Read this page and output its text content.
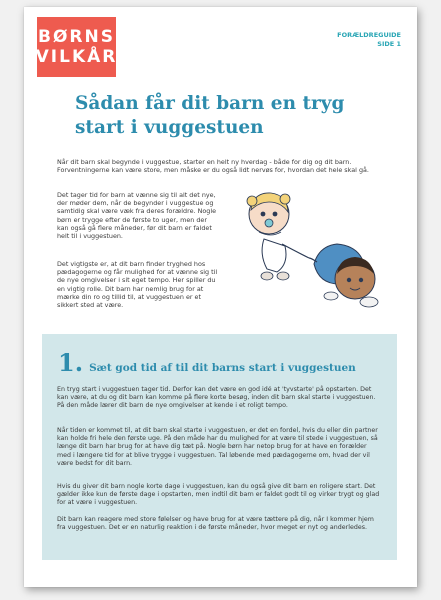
BØRNS
VILKÅR
FORÆLDREGUIDE
SIDE 1
Sådan får dit barn en tryg start i vuggestuen

Når dit barn skal begynde i vuggestue, starter en helt ny hverdag - både for dig og dit barn. Forventningerne kan være store, men måske er du også lidt nervøs for, hvordan det hele skal gå.

Det tager tid for barn at vænne sig til alt det nye, der møder dem, når de begynder i vuggestue og samtidig skal være væk fra deres forældre. Nogle børn er trygge efter de første to uger, men der kan også gå flere måneder, før dit barn er faldet helt til i vuggestuen.

Det vigtigste er, at dit barn finder tryghed hos pædagogerne og får mulighed for at vænne sig til de nye omgivelser i sit eget tempo. Her spiller du en vigtig rolle. Dit barn har nemlig brug for at mærke din ro og tillid til, at vuggestuen er et sikkert sted at være.

1. Sæt god tid af til dit barns start i vuggestuen

En tryg start i vuggestuen tager tid. Derfor kan det være en god idé at 'tyvstarte' på opstarten. Det kan være, at du og dit barn kan komme på flere korte besøg, inden dit barn skal starte i vuggestuen. På den måde lærer dit barn de nye omgivelser at kende i et roligt tempo.

Når tiden er kommet til, at dit barn skal starte i vuggestuen, er det en fordel, hvis du eller din partner kan holde fri hele den første uge. På den måde har du mulighed for at være til stede i vuggestuen, så længe dit barn har brug for at have dig tæt på. Nogle børn har netop brug for at have en forælder med i længere tid for at blive trygge i vuggestuen. Tal løbende med pædagogerne om, hvad der vil være bedst for dit barn.

Hvis du giver dit barn nogle korte dage i vuggestuen, kan du også give dit barn en roligere start. Det gælder ikke kun de første dage i opstarten, men indtil dit barn er faldet godt til og virker trygt og glad for at være i vuggestuen.

Dit barn kan reagere med store følelser og have brug for at være tættere på dig, når I kommer hjem fra vuggestuen. Det er en naturlig reaktion i de første måneder, hvor meget er nyt og anderledes.
